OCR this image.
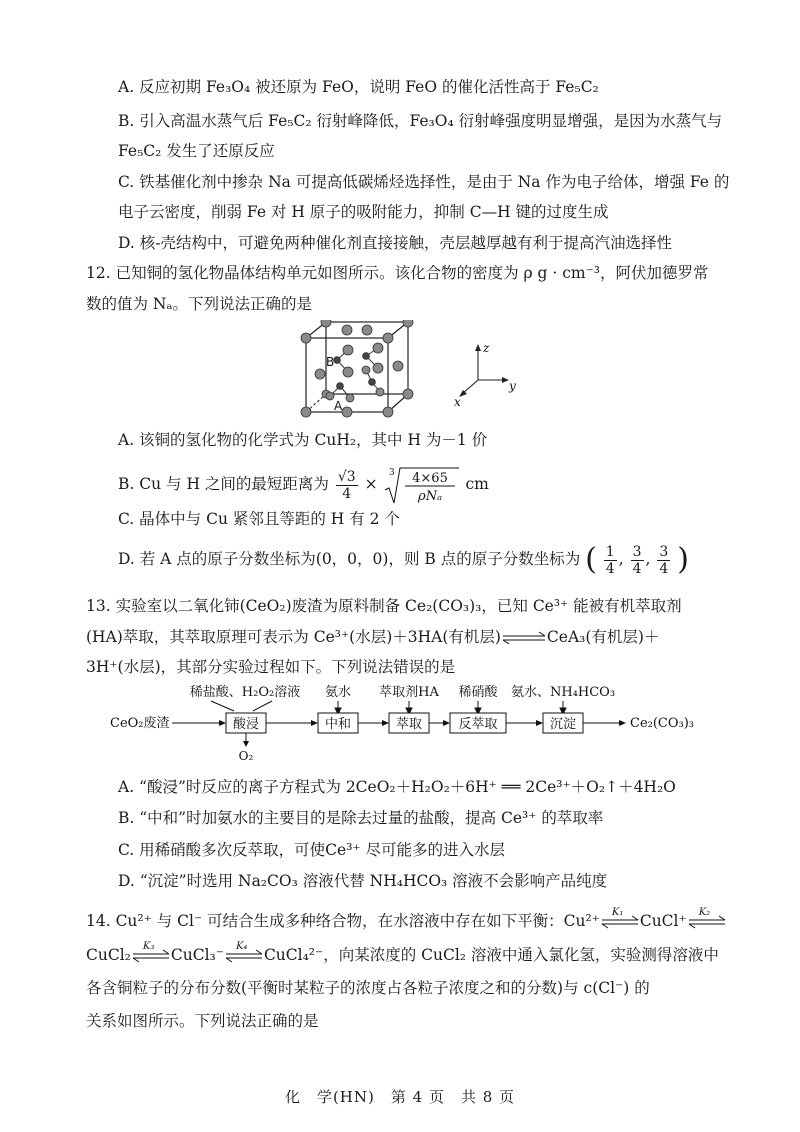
A. 反应初期 Fe₃O₄ 被还原为 FeO，说明 FeO 的催化活性高于 Fe₅C₂
B. 引入高温水蒸气后 Fe₅C₂ 衍射峰降低，Fe₃O₄ 衍射峰强度明显增强，是因为水蒸气与
Fe₅C₂ 发生了还原反应
C. 铁基催化剂中掺杂 Na 可提高低碳烯烃选择性，是由于 Na 作为电子给体，增强 Fe 的
电子云密度，削弱 Fe 对 H 原子的吸附能力，抑制 C—H 键的过度生成
D. 核-壳结构中，可避免两种催化剂直接接触，壳层越厚越有利于提高汽油选择性
12. 已知铜的氢化物晶体结构单元如图所示。该化合物的密度为 ρ g · cm⁻³，阿伏加德罗常
数的值为 Nₐ。下列说法正确的是
B
A
z
y
x
A. 该铜的氢化物的化学式为 CuH₂，其中 H 为－1 价
B. Cu 与 H 之间的最短距离为 $\frac{√3}{4}$ ×
3 4×65
ρNₐ
cm
C. 晶体中与 Cu 紧邻且等距的 H 有 2 个
D. 若 A 点的原子分数坐标为(0，0，0)，则 B 点的原子分数坐标为 ( $\frac{1}{4}$ , $\frac{3}{4}$ , $\frac{3}{4}$ )
13. 实验室以二氧化铈(CeO₂)废渣为原料制备 Ce₂(CO₃)₃，已知 Ce³⁺ 能被有机萃取剂
(HA)萃取，其萃取原理可表示为 Ce³⁺(水层)＋3HA(有机层)⇌CeA₃(有机层)＋
3H⁺(水层)，其部分实验过程如下。下列说法错误的是
稀盐酸、H₂O₂溶液 氨水 萃取剂HA 稀硝酸 氨水、NH₄HCO₃
CeO₂废渣	酸浸
O₂
中和	萃取	反萃取	沉淀	Ce₂(CO₃)₃
A. “酸浸”时反应的离子方程式为 2CeO₂＋H₂O₂＋6H⁺ ══ 2Ce³⁺＋O₂↑＋4H₂O
B. “中和”时加氨水的主要目的是除去过量的盐酸，提高 Ce³⁺ 的萃取率
C. 用稀硝酸多次反萃取，可使Ce³⁺ 尽可能多的进入水层
D. “沉淀”时选用 Na₂CO₃ 溶液代替 NH₄HCO₃ 溶液不会影响产品纯度
14. Cu²⁺ 与 Cl⁻ 可结合生成多种络合物，在水溶液中存在如下平衡：Cu²⁺ K₁ CuCl⁺ K₂
CuCl₂ K₃ CuCl₃⁻ K₄ CuCl₄²⁻，向某浓度的 CuCl₂ 溶液中通入氯化氢，实验测得溶液中
各含铜粒子的分布分数(平衡时某粒子的浓度占各粒子浓度之和的分数)与 c(Cl⁻) 的
关系如图所示。下列说法正确的是
化　学(HN)　第 4 页　共 8 页
